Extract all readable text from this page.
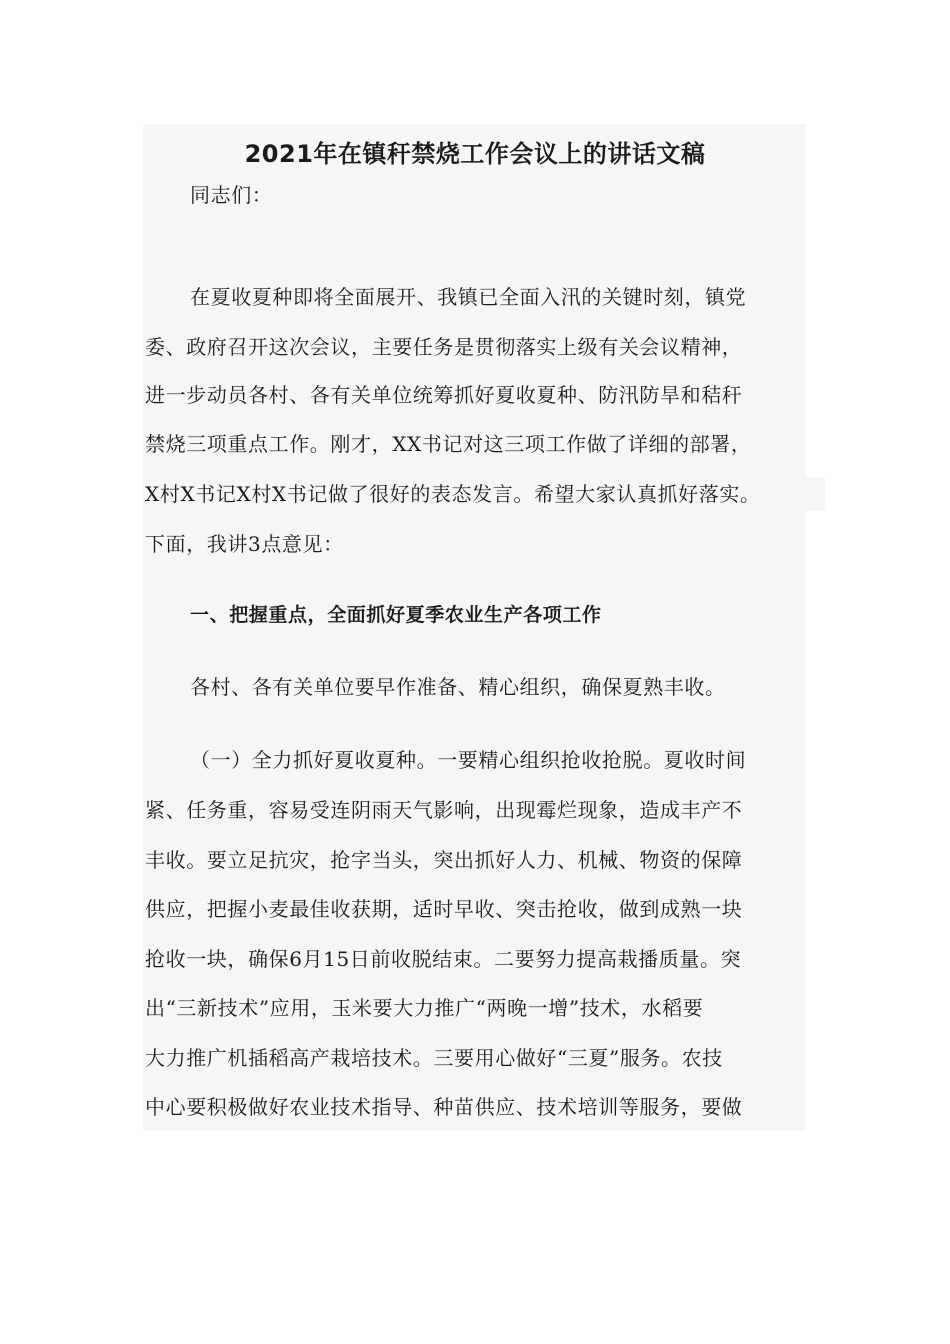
2021年在镇秆禁烧工作会议上的讲话文稿
同志们：
在夏收夏种即将全面展开、我镇已全面入汛的关键时刻，镇党
委、政府召开这次会议，主要任务是贯彻落实上级有关会议精神，
进一步动员各村、各有关单位统筹抓好夏收夏种、防汛防旱和秸秆
禁烧三项重点工作。刚才，XX书记对这三项工作做了详细的部署，
X村X书记X村X书记做了很好的表态发言。希望大家认真抓好落实。
下面，我讲3点意见：
一、把握重点，全面抓好夏季农业生产各项工作
各村、各有关单位要早作准备、精心组织，确保夏熟丰收。
（一）全力抓好夏收夏种。一要精心组织抢收抢脱。夏收时间
紧、任务重，容易受连阴雨天气影响，出现霉烂现象，造成丰产不
丰收。要立足抗灾，抢字当头，突出抓好人力、机械、物资的保障
供应，把握小麦最佳收获期，适时早收、突击抢收，做到成熟一块
抢收一块，确保6月15日前收脱结束。二要努力提高栽播质量。突
出“三新技术”应用，玉米要大力推广“两晚一增”技术，水稻要
大力推广机插稻高产栽培技术。三要用心做好“三夏”服务。农技
中心要积极做好农业技术指导、种苗供应、技术培训等服务，要做
